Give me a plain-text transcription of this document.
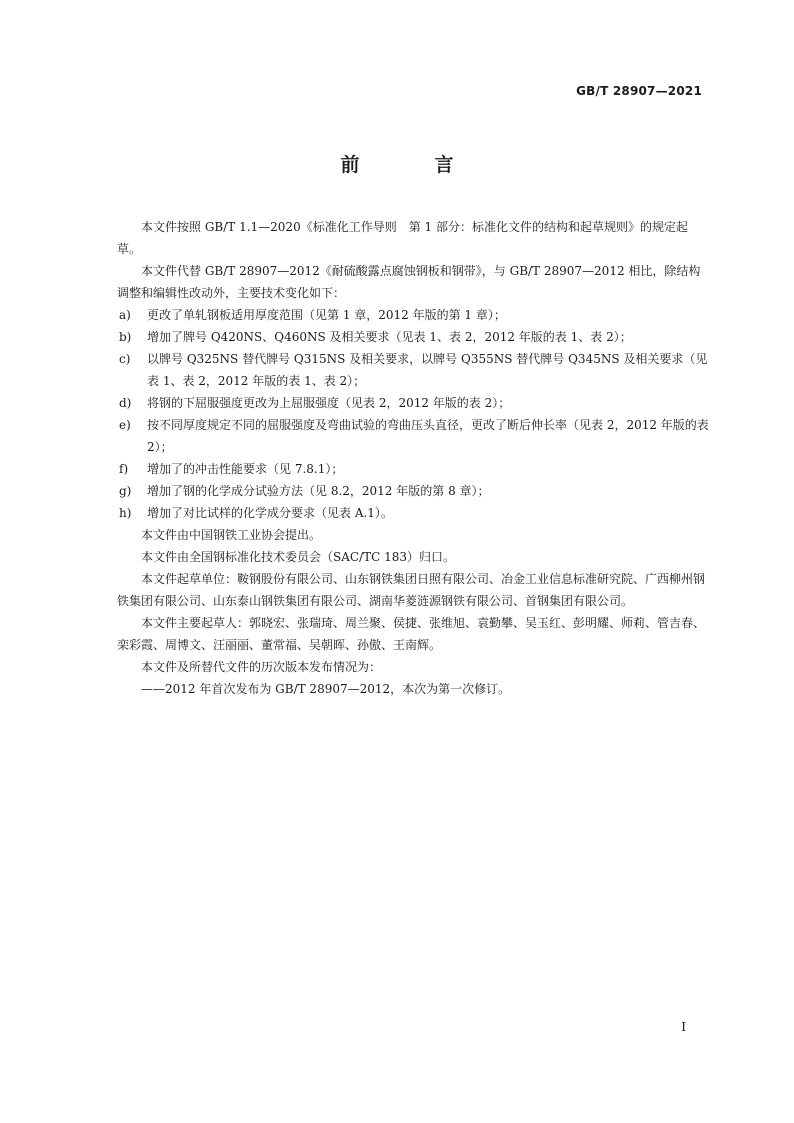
GB/T 28907—2021
前　言

本文件按照 GB/T 1.1—2020《标准化工作导则　第 1 部分：标准化文件的结构和起草规则》的规定起草。

本文件代替 GB/T 28907—2012《耐硫酸露点腐蚀钢板和钢带》，与 GB/T 28907—2012 相比，除结构调整和编辑性改动外，主要技术变化如下：

a)	更改了单轧钢板适用厚度范围（见第 1 章，2012 年版的第 1 章）；
b)	增加了牌号 Q420NS、Q460NS 及相关要求（见表 1、表 2，2012 年版的表 1、表 2）；
c)	以牌号 Q325NS 替代牌号 Q315NS 及相关要求，以牌号 Q355NS 替代牌号 Q345NS 及相关要求（见表 1、表 2，2012 年版的表 1、表 2）；
d)	将钢的下屈服强度更改为上屈服强度（见表 2，2012 年版的表 2）；
e)	按不同厚度规定不同的屈服强度及弯曲试验的弯曲压头直径，更改了断后伸长率（见表 2，2012 年版的表 2）；
f)	增加了的冲击性能要求（见 7.8.1）；
g)	增加了钢的化学成分试验方法（见 8.2，2012 年版的第 8 章）；
h)	增加了对比试样的化学成分要求（见表 A.1）。

本文件由中国钢铁工业协会提出。

本文件由全国钢标准化技术委员会（SAC/TC 183）归口。

本文件起草单位：鞍钢股份有限公司、山东钢铁集团日照有限公司、冶金工业信息标准研究院、广西柳州钢铁集团有限公司、山东泰山钢铁集团有限公司、湖南华菱涟源钢铁有限公司、首钢集团有限公司。

本文件主要起草人：郭晓宏、张瑞琦、周兰聚、侯捷、张维旭、袁勤攀、吴玉红、彭明耀、师莉、管吉春、栾彩霞、周博文、汪丽丽、董常福、吴朝晖、孙傲、王南辉。

本文件及所替代文件的历次版本发布情况为：

——2012 年首次发布为 GB/T 28907—2012，本次为第一次修订。

I
